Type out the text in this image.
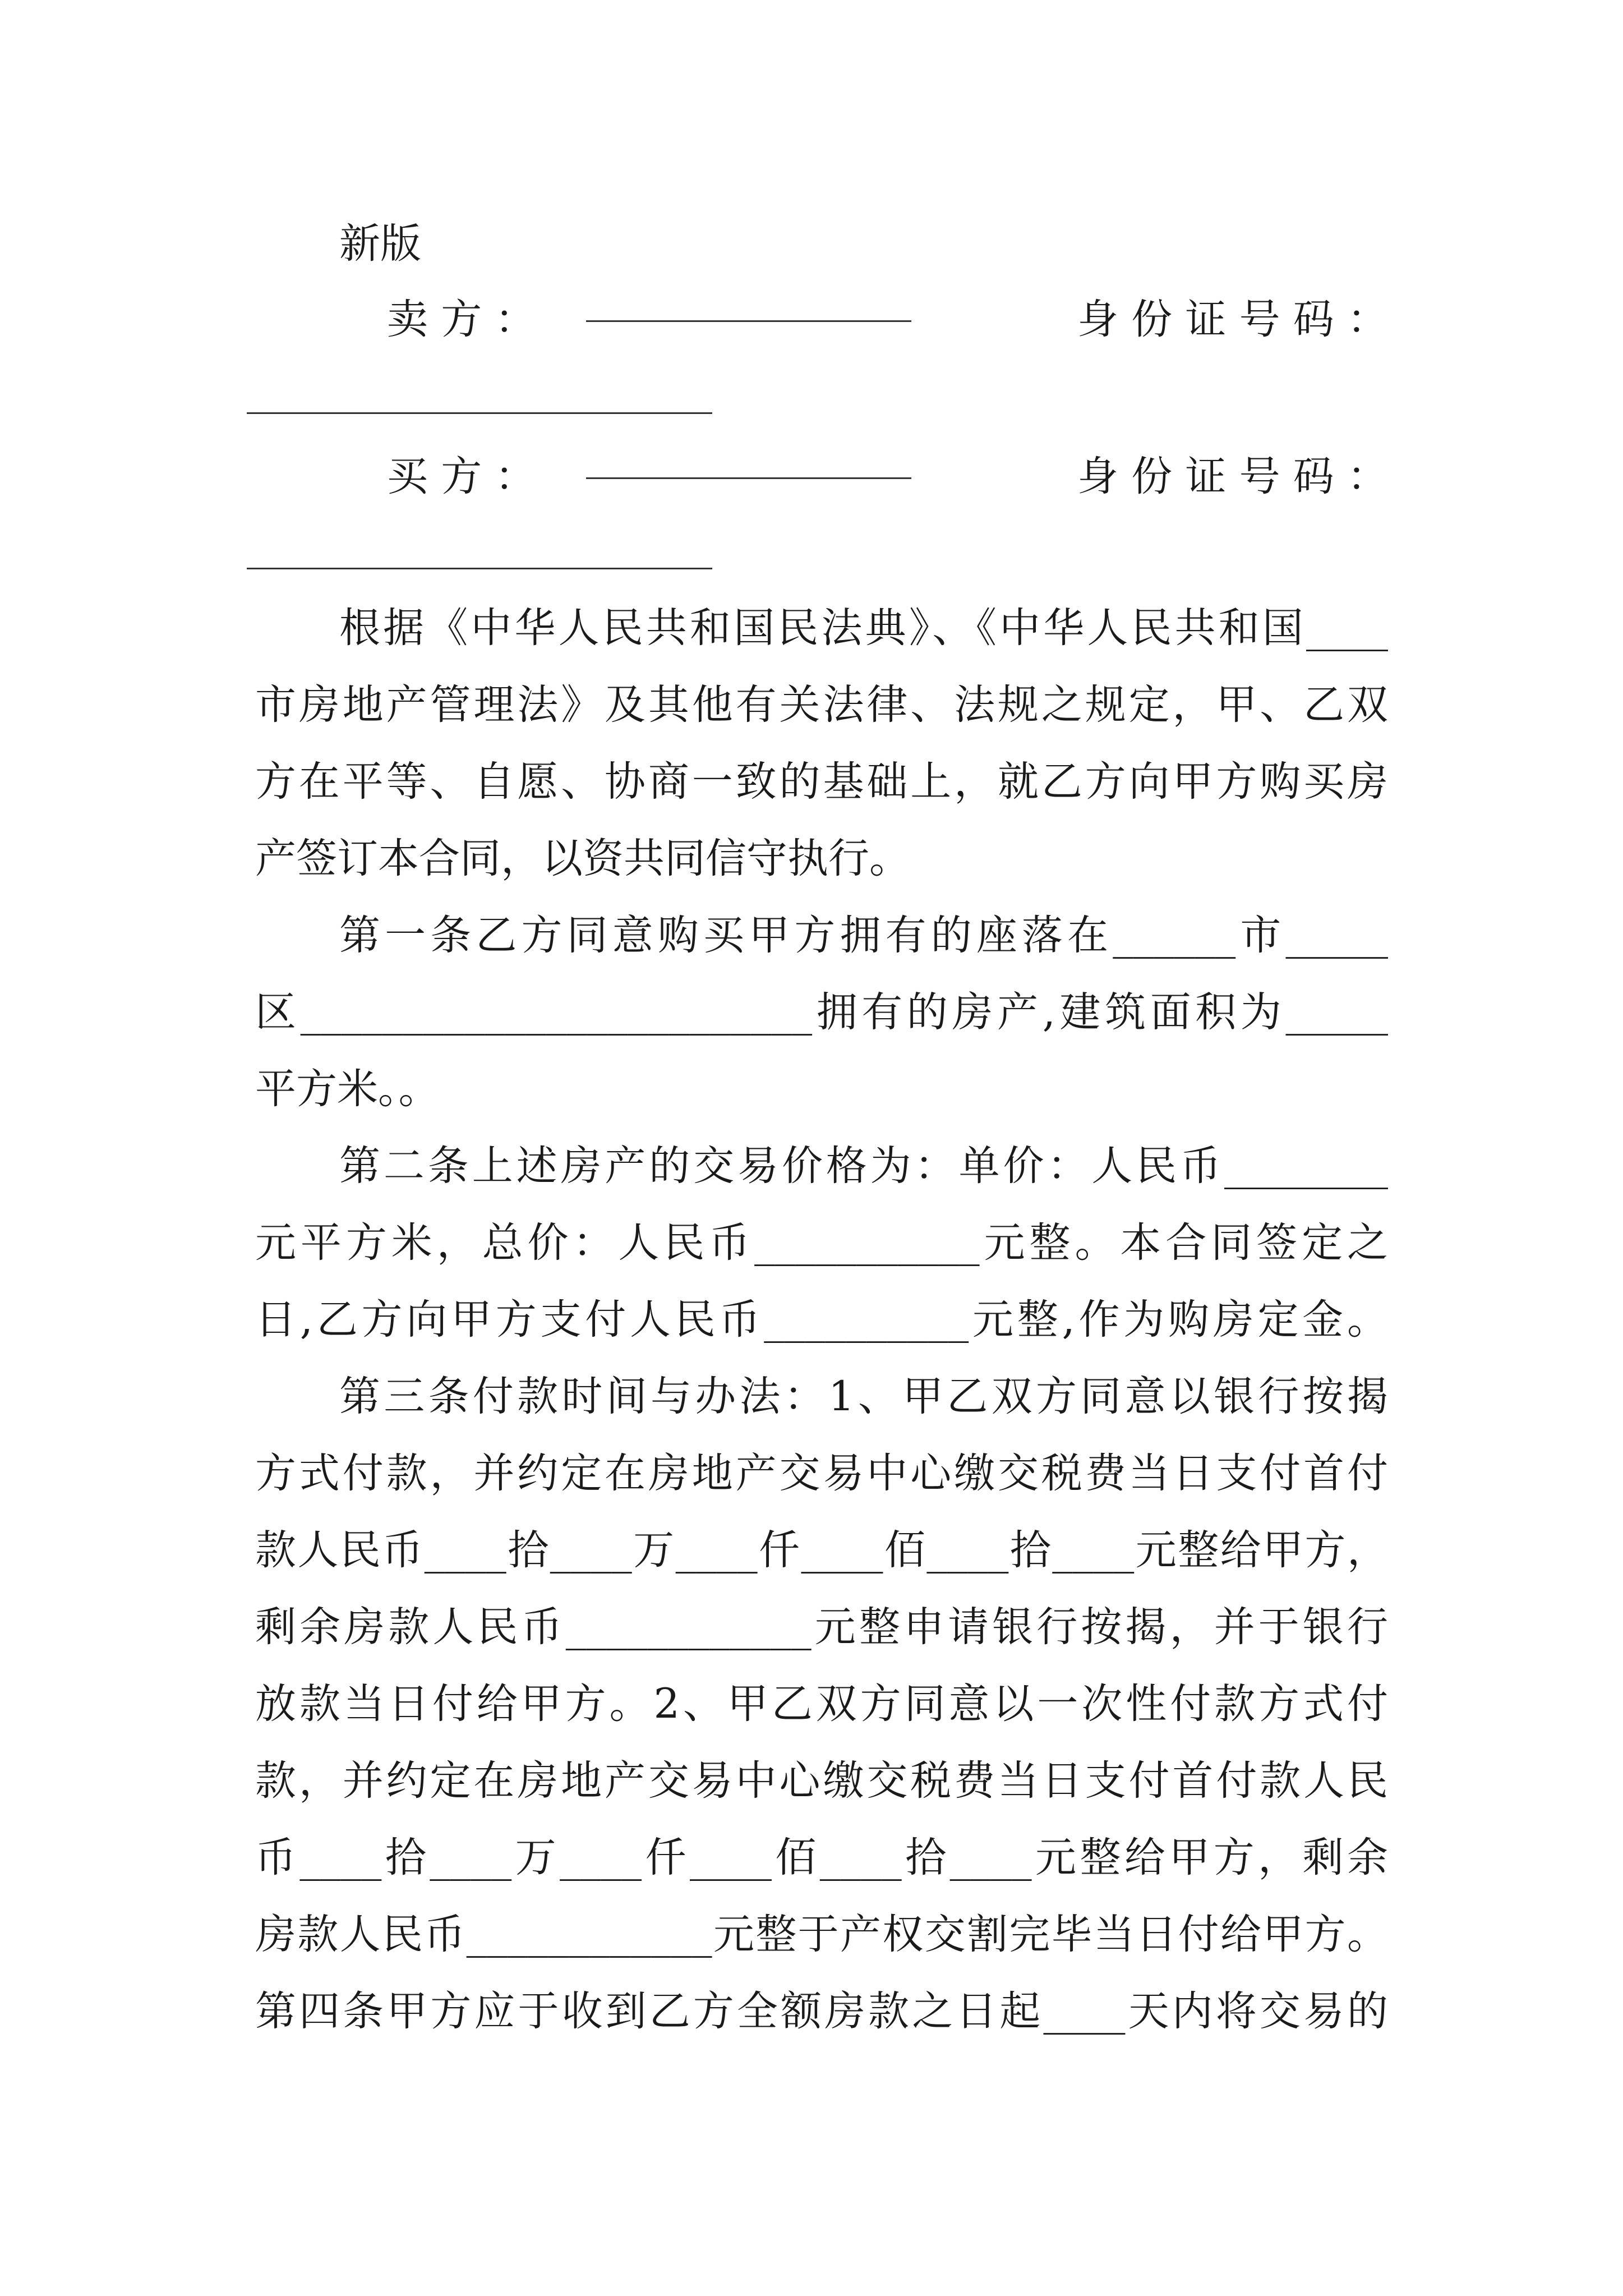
新版
卖 方 ：	身 份 证 号 码 ：
买 方 ：	身 份 证 号 码 ：
根据《中华人民共和国民法典》、《中华人民共和国____
市房地产管理法》及其他有关法律、法规之规定，甲、乙双
方在平等、自愿、协商一致的基础上，就乙方向甲方购买房
产签订本合同，以资共同信守执行。
第一条乙方同意购买甲方拥有的座落在______市_____
区_________________________拥有的房产,建筑面积为_____
平方米。。
第二条上述房产的交易价格为：单价：人民币________
元平方米，总价：人民币___________元整。本合同签定之
日,乙方向甲方支付人民币__________元整,作为购房定金。
第三条付款时间与办法：1、甲乙双方同意以银行按揭
方式付款，并约定在房地产交易中心缴交税费当日支付首付
款人民币____拾____万____仟____佰____拾____元整给甲方，
剩余房款人民币____________元整申请银行按揭，并于银行
放款当日付给甲方。2、甲乙双方同意以一次性付款方式付
款，并约定在房地产交易中心缴交税费当日支付首付款人民
币____拾____万____仟____佰____拾____元整给甲方，剩余
房款人民币____________元整于产权交割完毕当日付给甲方。
第四条甲方应于收到乙方全额房款之日起____天内将交易的
